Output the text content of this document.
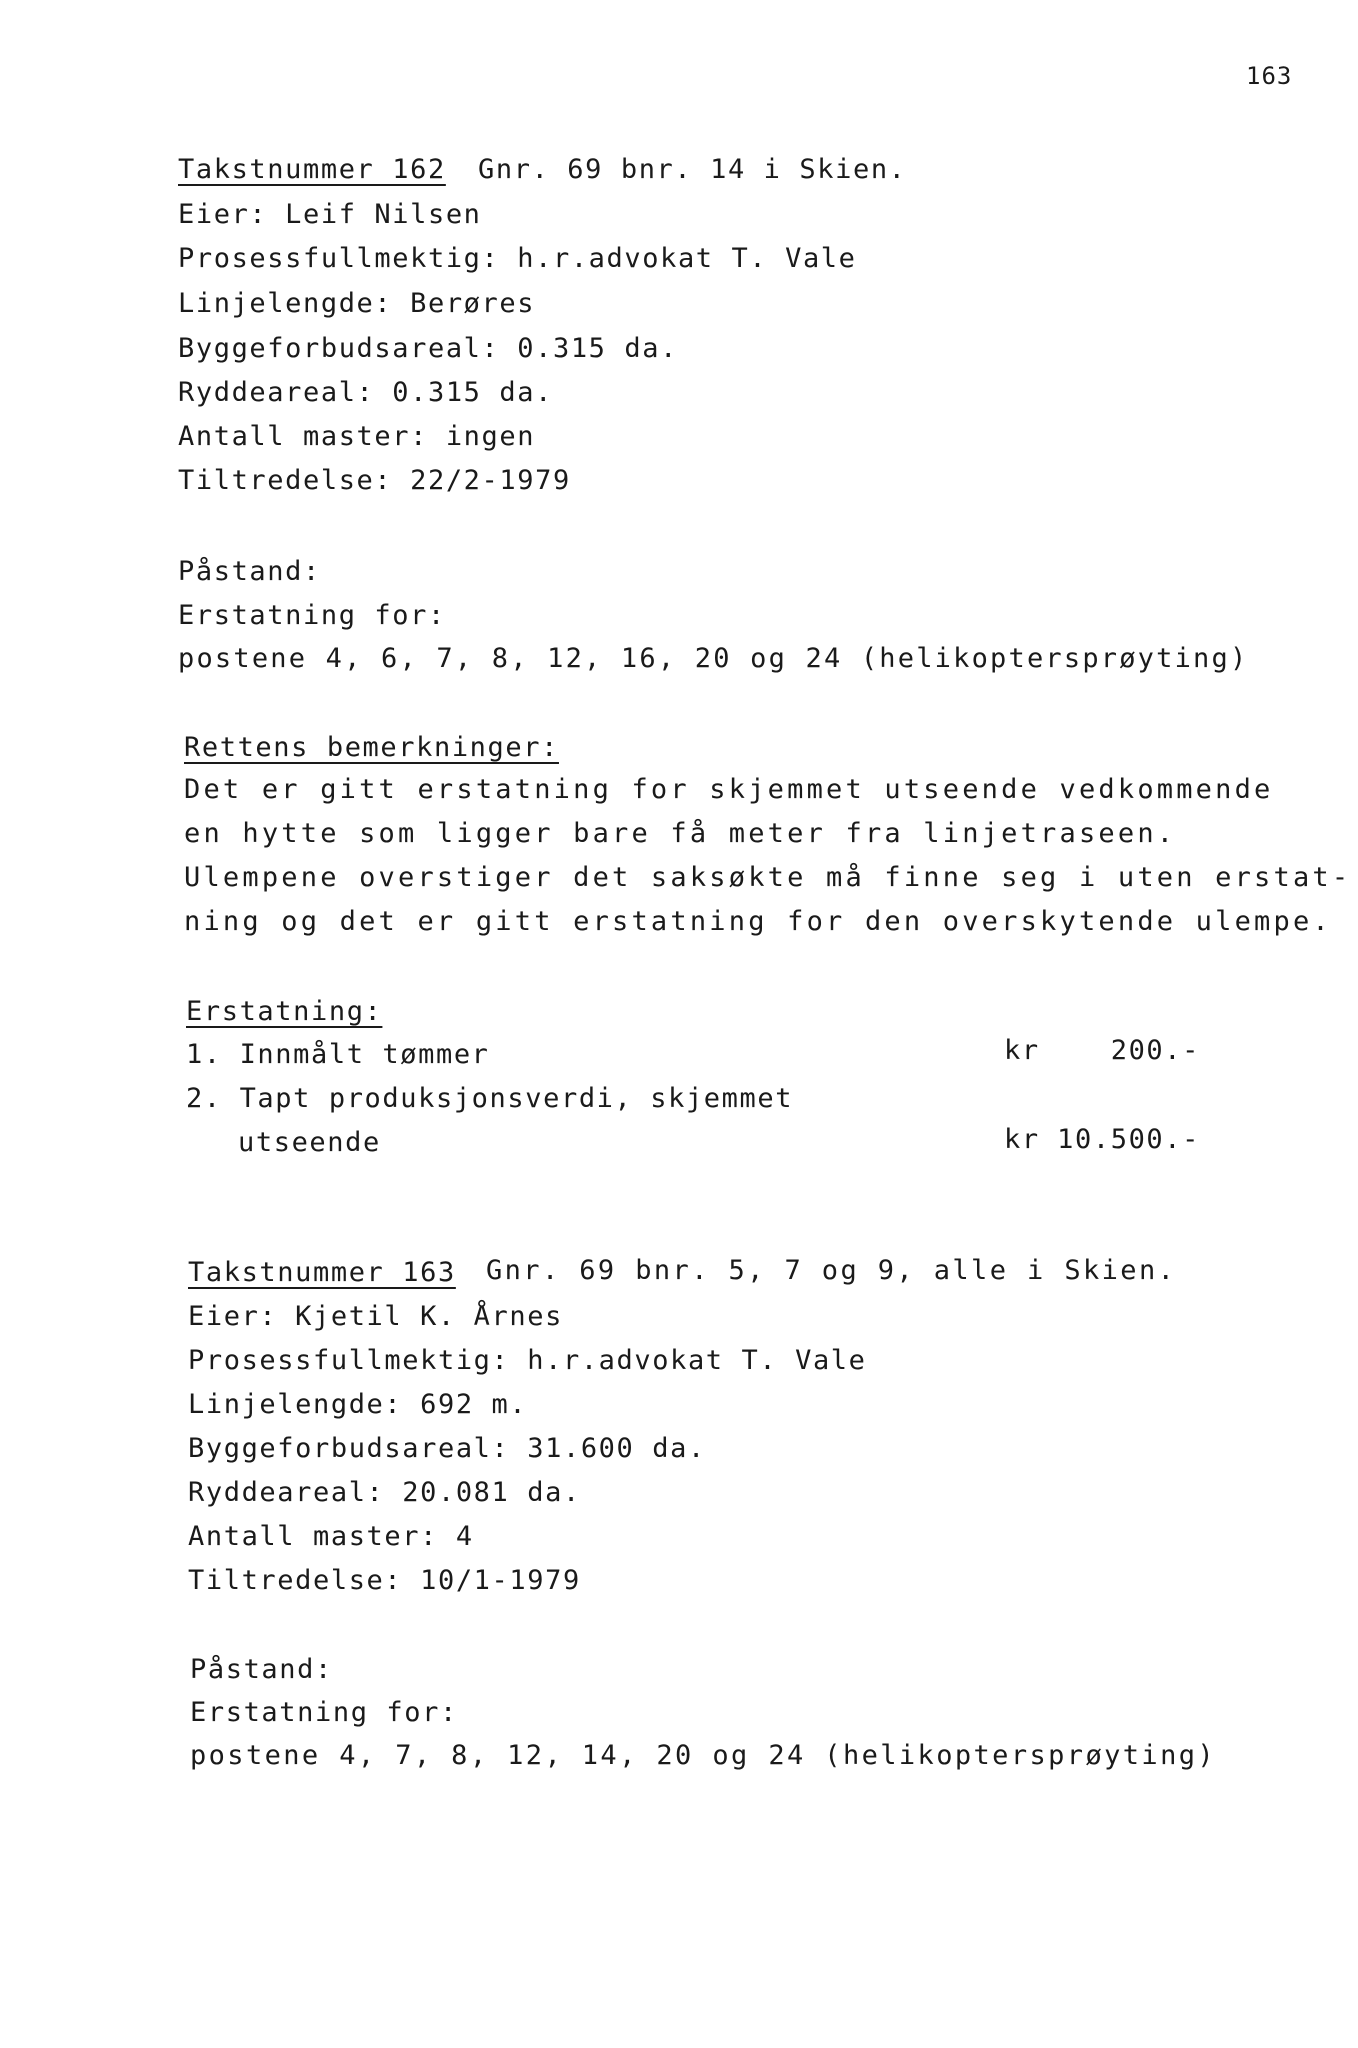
163
Takstnummer 162 Gnr. 69 bnr. 14 i Skien.
Eier: Leif Nilsen
Prosessfullmektig: h.r.advokat T. Vale
Linjelengde: Berøres
Byggeforbudsareal: 0.315 da.
Ryddeareal: 0.315 da.
Antall master: ingen
Tiltredelse: 22/2-1979
Påstand:
Erstatning for:
postene 4, 6, 7, 8, 12, 16, 20 og 24 (helikoptersprøyting)
Rettens bemerkninger:
Det er gitt erstatning for skjemmet utseende vedkommende
en hytte som ligger bare få meter fra linjetraseen.
Ulempene overstiger det saksøkte må finne seg i uten erstat-
ning og det er gitt erstatning for den overskytende ulempe.
Erstatning:
1. Innmålt tømmer	kr	200.-
2. Tapt produksjonsverdi, skjemmet
utseende	kr 10.500.-
Takstnummer 163 Gnr. 69 bnr. 5, 7 og 9, alle i Skien.
Eier: Kjetil K. Årnes
Prosessfullmektig: h.r.advokat T. Vale
Linjelengde: 692 m.
Byggeforbudsareal: 31.600 da.
Ryddeareal: 20.081 da.
Antall master: 4
Tiltredelse: 10/1-1979
Påstand:
Erstatning for:
postene 4, 7, 8, 12, 14, 20 og 24 (helikoptersprøyting)
